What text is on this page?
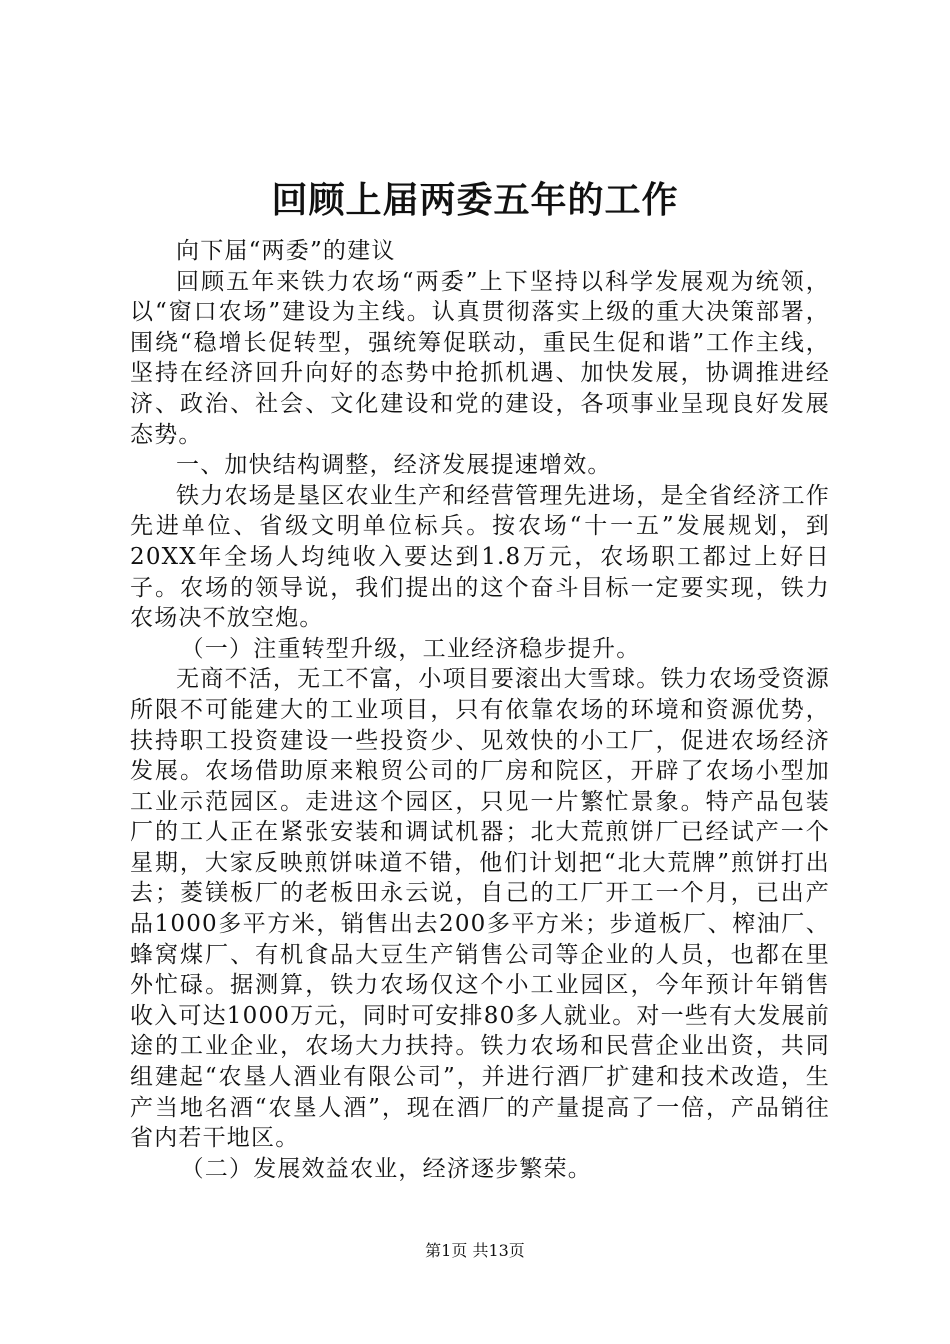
回顾上届两委五年的工作

向下届“两委”的建议

回顾五年来铁力农场“两委”上下坚持以科学发展观为统领，以“窗口农场”建设为主线。认真贯彻落实上级的重大决策部署，围绕“稳增长促转型，强统筹促联动，重民生促和谐”工作主线，坚持在经济回升向好的态势中抢抓机遇、加快发展，协调推进经济、政治、社会、文化建设和党的建设，各项事业呈现良好发展态势。

一、加快结构调整，经济发展提速增效。

铁力农场是垦区农业生产和经营管理先进场，是全省经济工作先进单位、省级文明单位标兵。按农场“十一五”发展规划，到20XX年全场人均纯收入要达到1.8万元，农场职工都过上好日子。农场的领导说，我们提出的这个奋斗目标一定要实现，铁力农场决不放空炮。

（一）注重转型升级，工业经济稳步提升。

无商不活，无工不富，小项目要滚出大雪球。铁力农场受资源所限不可能建大的工业项目，只有依靠农场的环境和资源优势，扶持职工投资建设一些投资少、见效快的小工厂，促进农场经济发展。农场借助原来粮贸公司的厂房和院区，开辟了农场小型加工业示范园区。走进这个园区，只见一片繁忙景象。特产品包装厂的工人正在紧张安装和调试机器；北大荒煎饼厂已经试产一个星期，大家反映煎饼味道不错，他们计划把“北大荒牌”煎饼打出去；菱镁板厂的老板田永云说，自己的工厂开工一个月，已出产品1000多平方米，销售出去200多平方米；步道板厂、榨油厂、蜂窝煤厂、有机食品大豆生产销售公司等企业的人员，也都在里外忙碌。据测算，铁力农场仅这个小工业园区，今年预计年销售收入可达1000万元，同时可安排80多人就业。对一些有大发展前途的工业企业，农场大力扶持。铁力农场和民营企业出资，共同组建起“农垦人酒业有限公司”，并进行酒厂扩建和技术改造，生产当地名酒“农垦人酒”，现在酒厂的产量提高了一倍，产品销往省内若干地区。

（二）发展效益农业，经济逐步繁荣。

第1页 共13页
